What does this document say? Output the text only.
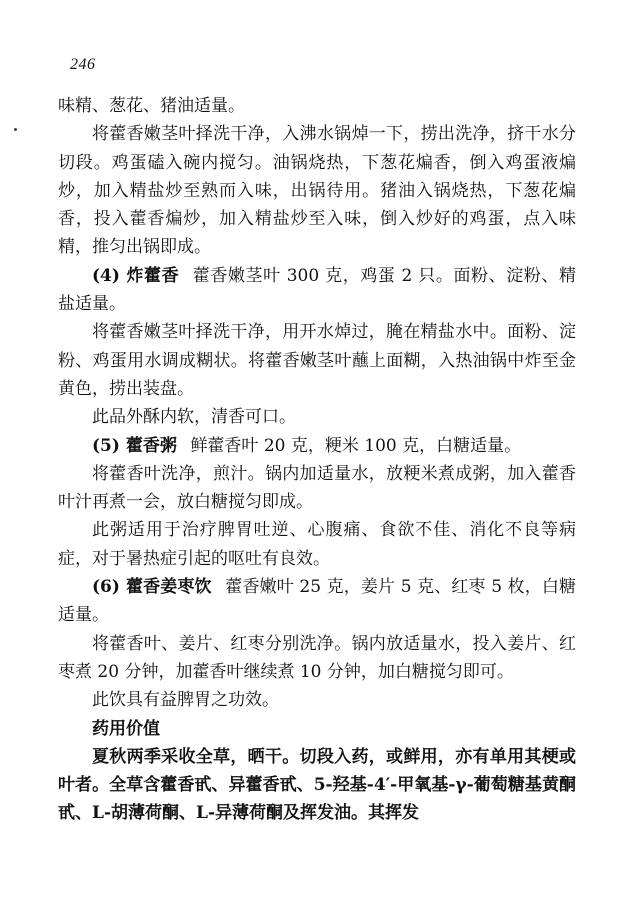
246

味精、葱花、猪油适量。

将藿香嫩茎叶择洗干净，入沸水锅焯一下，捞出洗净，挤干水分切段。鸡蛋磕入碗内搅匀。油锅烧热，下葱花煸香，倒入鸡蛋液煸炒，加入精盐炒至熟而入味，出锅待用。猪油入锅烧热，下葱花煸香，投入藿香煸炒，加入精盐炒至入味，倒入炒好的鸡蛋，点入味精，推匀出锅即成。

(4) 炸藿香 藿香嫩茎叶 300 克，鸡蛋 2 只。面粉、淀粉、精盐适量。

将藿香嫩茎叶择洗干净，用开水焯过，腌在精盐水中。面粉、淀粉、鸡蛋用水调成糊状。将藿香嫩茎叶蘸上面糊，入热油锅中炸至金黄色，捞出装盘。

此品外酥内软，清香可口。

(5) 藿香粥 鲜藿香叶 20 克，粳米 100 克，白糖适量。

将藿香叶洗净，煎汁。锅内加适量水，放粳米煮成粥，加入藿香叶汁再煮一会，放白糖搅匀即成。

此粥适用于治疗脾胃吐逆、心腹痛、食欲不佳、消化不良等病症，对于暑热症引起的呕吐有良效。

(6) 藿香姜枣饮 藿香嫩叶 25 克，姜片 5 克、红枣 5 枚，白糖适量。

将藿香叶、姜片、红枣分别洗净。锅内放适量水，投入姜片、红枣煮 20 分钟，加藿香叶继续煮 10 分钟，加白糖搅匀即可。

此饮具有益脾胃之功效。

药用价值

夏秋两季采收全草，晒干。切段入药，或鲜用，亦有单用其梗或叶者。全草含藿香甙、异藿香甙、5-羟基-4′-甲氧基-γ-葡萄糖基黄酮甙、L-胡薄荷酮、L-异薄荷酮及挥发油。其挥发
